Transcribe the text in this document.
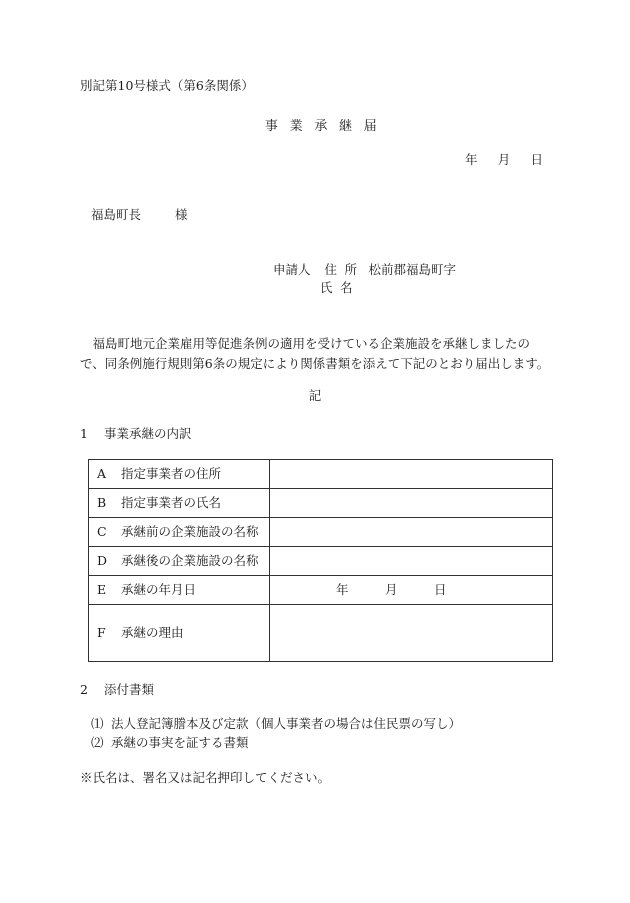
別記第10号様式（第6条関係）
事業承継届
年 月 日
福島町長	様
申請人 住所 松前郡福島町字
氏名
福島町地元企業雇用等促進条例の適用を受けている企業施設を承継しましたので、同条例施行規則第6条の規定により関係書類を添えて下記のとおり届出します。
記
1 事業承継の内訳
A 指定事業者の住所	
B 指定事業者の氏名	
C 承継前の企業施設の名称	
D 承継後の企業施設の名称	
E 承継の年月日	年 月 日
F 承継の理由	
2 添付書類
⑴ 法人登記簿謄本及び定款（個人事業者の場合は住民票の写し）
⑵ 承継の事実を証する書類
※氏名は、署名又は記名押印してください。
